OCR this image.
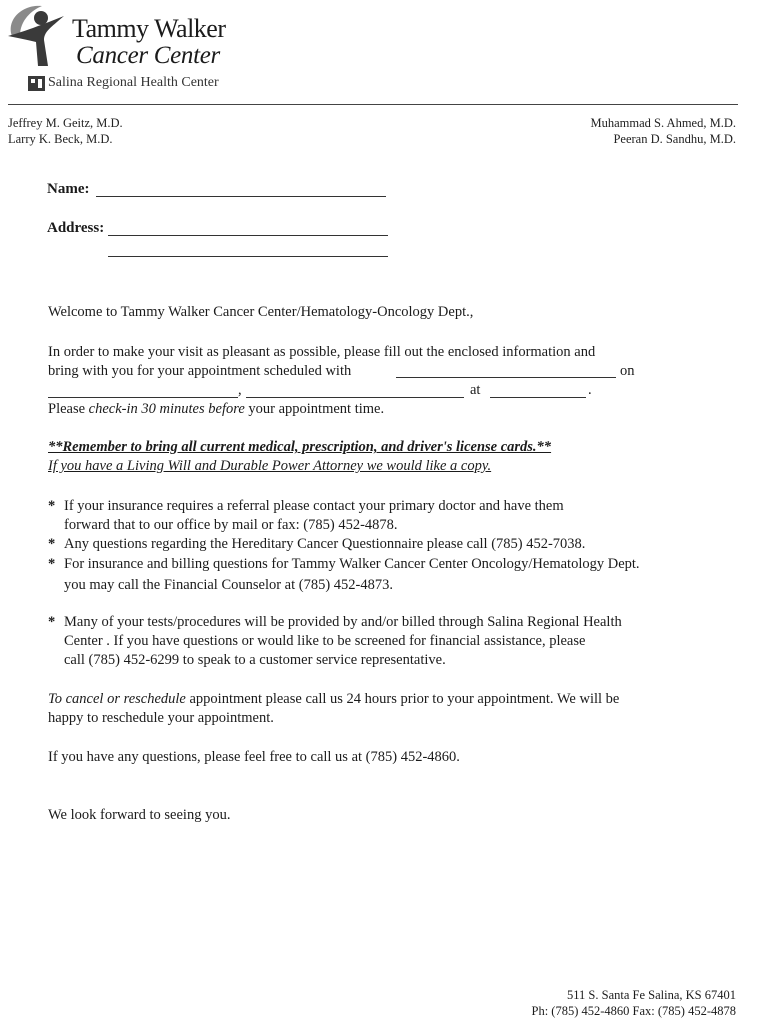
Tammy Walker
Cancer Center
Salina Regional Health Center
Jeffrey M. Geitz, M.D.
Larry K. Beck, M.D.
Muhammad S. Ahmed, M.D.
Peeran D. Sandhu, M.D.
Name:
Address:
Welcome to Tammy Walker Cancer Center/Hematology-Oncology Dept.,
In order to make your visit as pleasant as possible, please fill out the enclosed information and
bring with you for your appointment scheduled with	on
,	at	.
Please check-in 30 minutes before your appointment time.
**Remember to bring all current medical, prescription, and driver's license cards.**
If you have a Living Will and Durable Power Attorney we would like a copy.
* If your insurance requires a referral please contact your primary doctor and have them
forward that to our office by mail or fax: (785) 452-4878.
* Any questions regarding the Hereditary Cancer Questionnaire please call (785) 452-7038.
* For insurance and billing questions for Tammy Walker Cancer Center Oncology/Hematology Dept.
you may call the Financial Counselor at (785) 452-4873.
* Many of your tests/procedures will be provided by and/or billed through Salina Regional Health
Center . If you have questions or would like to be screened for financial assistance, please
call (785) 452-6299 to speak to a customer service representative.
To cancel or reschedule appointment please call us 24 hours prior to your appointment. We will be
happy to reschedule your appointment.
If you have any questions, please feel free to call us at (785) 452-4860.
We look forward to seeing you.
511 S. Santa Fe Salina, KS 67401
Ph: (785) 452-4860 Fax: (785) 452-4878
